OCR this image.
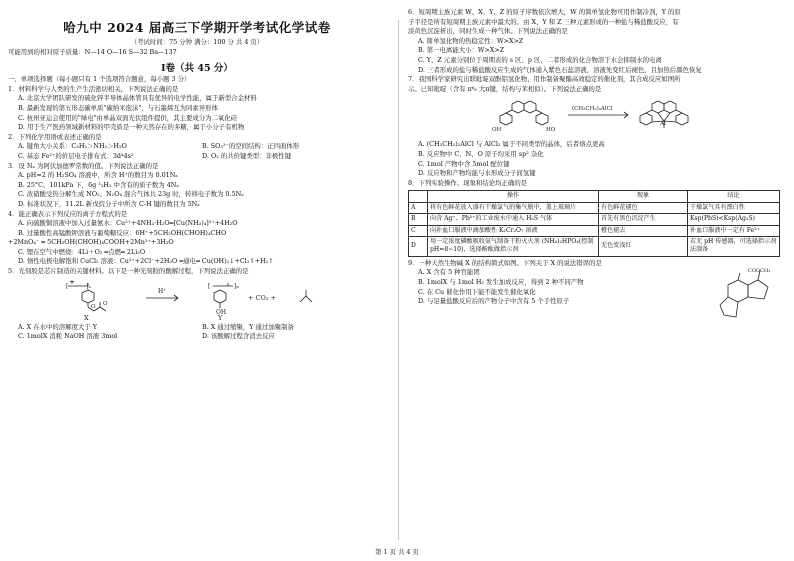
哈九中 2024 届高三下学期开学考试化学试卷
（考试时间：75 分钟 满分：100 分 共 4 页）
可能用到的相对原子质量：N—14 O—16 S—32 Ba—137
I卷（共 45 分）
一、单项选择题（每小题只有 1 个选项符合题意，每小题 3 分）
1．材料科学与人类的生产生活密切相关，下列说法正确的是
A. 北京大学团队研发的硫化锌半导体晶体管具有优异的电学性能，属于新型合金材料
B. 最新发现的第五形态碳单质"碳纳米泡沫"，与石墨烯互为同素异形体
C. 杭州亚运会使用的"绿电"由单晶双面光伏组件提供，其主要成分为二氧化硅
D. 用于生产医药领域新材料的甲壳质是一种天然存在的多糖，属于小分子有机物
2．下列化学用语或表述正确的是
A. 键角大小关系：C₂H₂＞NH₃＞H₂O	B. SO₃²⁻的空间结构：正四面体形
C. 基态 Fe²⁺的价层电子排布式：3d⁴4s²	D. O₂ 的共价键类型：非极性键
3．设 Nₐ 为阿伏加德罗常数的值。下列说法正确的是
A. pH=2 的 H₂SO₄ 溶液中，所含 H⁺的数目为 0.01Nₐ
B. 25°C、101kPa 下，6g ³₁H₂ 中含有的质子数为 4Nₐ
C. 浓硝酸受热分解生成 NO₂、N₂O₄ 混合气体共 23g 时，转移电子数为 0.5Nₐ
D. 标准状况下，11.2L 新戊烷分子中所含 C-H 键的数目为 5Nₐ
4．能正确表示下列反应的离子方程式的是
A. 向硫酸铜溶液中加入过量氨水：Cu²⁺+4NH₃·H₂O═[Cu(NH₃)₄]²⁺+4H₂O
B. 过量酸性高锰酸钾溶液与葡萄糖反应：6H⁺+5CH₂OH(CHOH)₄CHO
+2MnO₄⁻ ═ 5CH₂OH(CHOH)₄COOH+2Mn²⁺+3H₂O
C. 锂在空气中燃烧：4Li＋O₂ ═点燃═ 2Li₂O
D. 惰性电极电解饱和 CuCl₂ 溶液：Cu²⁺+2Cl⁻+2H₂O ═通电═ Cu(OH)₂↓+Cl₂↑+H₂↑
5．光刻胶是芯片制造的关键材料。以下是一种光刻胶的酸解过程，下列说法正确的是
[	]ₙ	[	]ₙ
OH
O O
H⁺
+ CO₂ +
X	Y
A. X 在水中的溶解度大于 Y	B. X 通过缩聚，Y 通过加聚制备
C. 1molX 消耗 NaOH 溶液 3mol	D. 该酸解过程含消去反应
6．短周期主族元素 W、X、Y、Z 的原子序数依次增大，W 的简单氢化物可用作制冷剂，Y 的原
子半径是所有短周期主族元素中最大的。由 X、Y 和 Z 三种元素形成的一种盐与稀盐酸反应，有
淡黄色沉淀析出，同时生成一种气体。下列说法正确的是
A. 简单氢化物的热稳定性：W>X>Z
B. 第一电离能大小：W>X>Z
C. Y、Z 元素分别位于周期表的 s 区、p 区，二者形成的化合物溶于水会抑制水的电离
D. 三者形成的盐与稀盐酸反应生成的气体通入紫色石蕊溶液，溶液先变红后褪色，且加热后颜色恢复
7．我国科学家研究出联吡啶双酚铝氢化物，用作制备聚酯高效稳定的催化剂，其合成反应如图所
示。已知吡啶（含有 π⁶₆ 大π键，结构与苯相似）。下列说法正确的是
OH	HO
Al
(CH₃CH₂)₂AlCl
A. (CH₃CH₂)₂AlCl 与 AlCl₃ 属于不同类型的晶体，后者熔点更高
B. 反应物中 C、N、O 原子均采用 sp² 杂化
C. 1mol 产物中含 5mol 配位键
D. 反应物和产物均能与水形成分子间氢键
8．下列实验操作、现象和结论均正确的是
	操作	现象	结论
A	将有色鲜花放入盛有干燥氯气的集气瓶中，盖上玻璃片	有色鲜花褪色	干燥氯气具有漂白性
B	向含 Ag⁺、Pb²⁺的工业废水中通入 H₂S 气体	首先有黑色沉淀产生	Ksp(PbS)<Ksp(Ag₂S)
C	向补血口服液中滴加酸性 K₂Cr₂O₇ 溶液	橙色褪去	补血口服液中一定有 Fe²⁺
D	用一定浓度磷酸吸收氨气制备干粉灭火剂 (NH₄)₂HPO₄(控制 pH=8~10)，选择酚酞做指示剂	无色变浅红	若无 pH 传感器，可选择指示剂法制备
9．一种天然生物碱 X 的结构简式如图。下列关于 X 的说法错误的是
A. X 含有 5 种官能团
B. 1molX 与 1mol H₂ 发生加成反应，得到 2 种不同产物
C. 在 Cu 催化作用下能不能发生催化氧化
D. 与足量盐酸反应后的产物分子中含有 5 个手性原子
COOCH₃
第 1 页 共 4 页
